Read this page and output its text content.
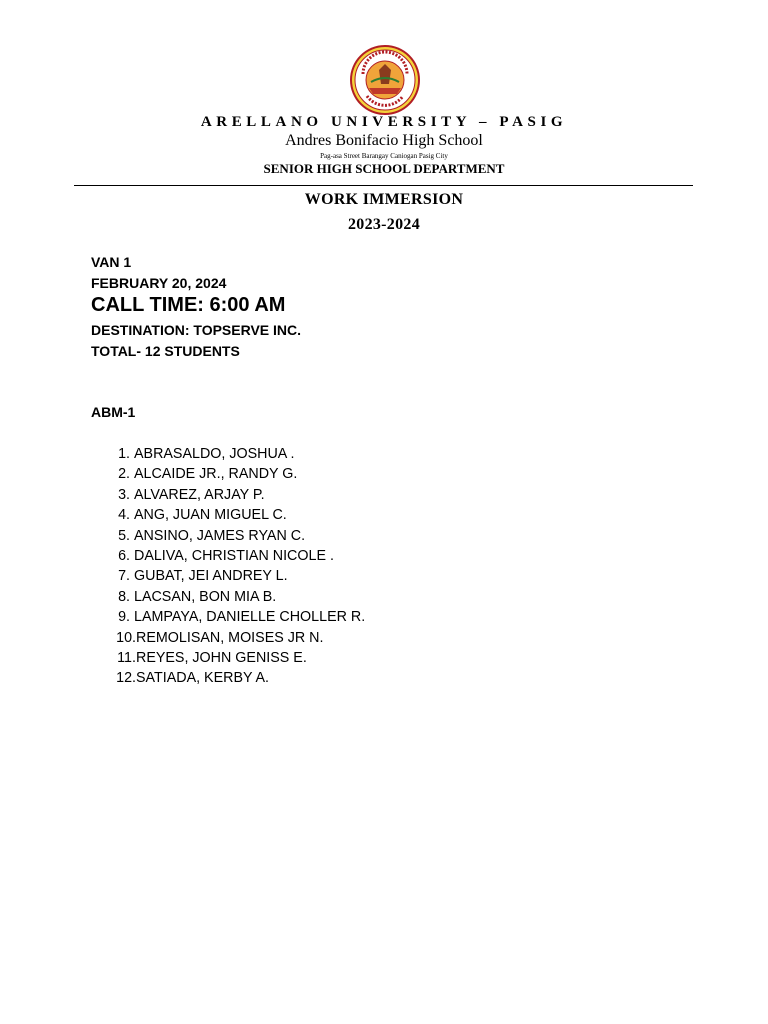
ARELLANO UNIVERSITY – PASIG
Andres Bonifacio High School
Pag-asa Street Barangay Caniogan Pasig City
SENIOR HIGH SCHOOL DEPARTMENT
WORK IMMERSION
2023-2024
VAN 1
FEBRUARY 20, 2024
CALL TIME: 6:00 AM
DESTINATION: TOPSERVE INC.
TOTAL- 12 STUDENTS
ABM-1
1. ABRASALDO, JOSHUA .
2. ALCAIDE JR., RANDY G.
3. ALVAREZ, ARJAY P.
4. ANG, JUAN MIGUEL C.
5. ANSINO, JAMES RYAN C.
6. DALIVA, CHRISTIAN NICOLE .
7. GUBAT, JEI ANDREY L.
8. LACSAN, BON MIA B.
9. LAMPAYA, DANIELLE CHOLLER R.
10. REMOLISAN, MOISES JR N.
11. REYES, JOHN GENISS E.
12. SATIADA, KERBY A.
